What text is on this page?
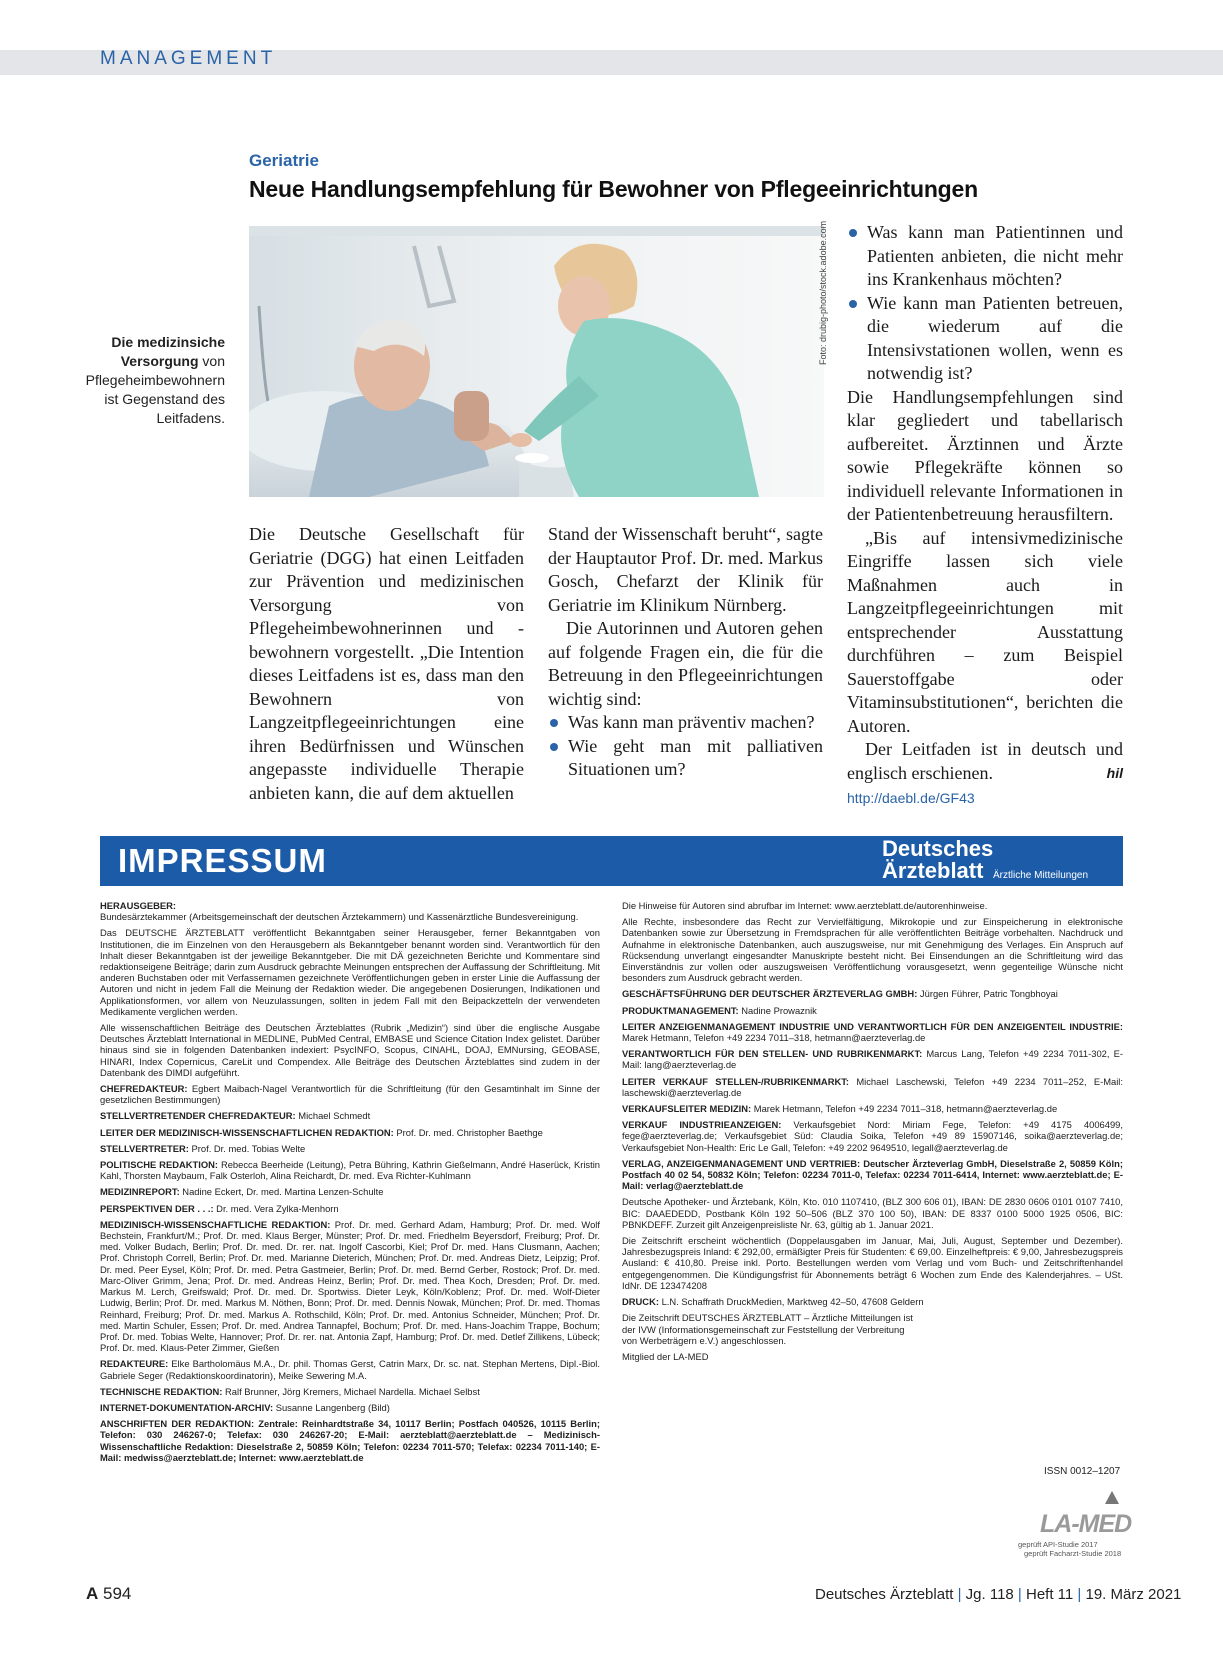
MANAGEMENT
Geriatrie
Neue Handlungsempfehlung für Bewohner von Pflegeeinrichtungen
Foto: drubig-photo/stock.adobe.com
Die medizinsiche Versorgung von Pflegeheimbewohnern ist Gegenstand des Leitfadens.

Die Deutsche Gesellschaft für Geriatrie (DGG) hat einen Leitfaden zur Prävention und medizinischen Versorgung von Pflegeheimbewohnerinnen und -bewohnern vorgestellt. „Die Intention dieses Leitfadens ist es, dass man den Bewohnern von Langzeitpflegeeinrichtungen eine ihren Bedürfnissen und Wünschen angepasste individuelle Therapie anbieten kann, die auf dem aktuellen

Stand der Wissenschaft beruht“, sagte der Hauptautor Prof. Dr. med. Markus Gosch, Chefarzt der Klinik für Geriatrie im Klinikum Nürnberg.

Die Autorinnen und Autoren gehen auf folgende Fragen ein, die für die Betreuung in den Pflegeeinrichtungen wichtig sind:

Was kann man präventiv machen?
Wie geht man mit palliativen Situationen um?
Was kann man Patientinnen und Patienten anbieten, die nicht mehr ins Krankenhaus möchten?
Wie kann man Patienten betreuen, die wiederum auf die Intensivstationen wollen, wenn es notwendig ist?

Die Handlungsempfehlungen sind klar gegliedert und tabellarisch aufbereitet. Ärztinnen und Ärzte sowie Pflegekräfte können so individuell relevante Informationen in der Patientenbetreuung herausfiltern.

„Bis auf intensivmedizinische Eingriffe lassen sich viele Maßnahmen auch in Langzeitpflegeeinrichtungen mit entsprechender Ausstattung durchführen – zum Beispiel Sauerstoffgabe oder Vitaminsubstitutionen“, berichten die Autoren.

Der Leitfaden ist in deutsch und englisch erschienen.	hil

http://daebl.de/GF43
IMPRESSUM	Deutsches
Ärzteblatt Ärztliche Mitteilungen

HERAUSGEBER:
Bundesärztekammer (Arbeitsgemeinschaft der deutschen Ärztekammern) und Kassenärztliche Bundesvereinigung.

Das DEUTSCHE ÄRZTEBLATT veröffentlicht Bekanntgaben seiner Herausgeber, ferner Bekanntgaben von Institutionen, die im Einzelnen von den Herausgebern als Bekanntgeber benannt worden sind. Verantwortlich für den Inhalt dieser Bekanntgaben ist der jeweilige Bekanntgeber. Die mit DÄ gezeichneten Berichte und Kommentare sind redaktionseigene Beiträge; darin zum Ausdruck gebrachte Meinungen entsprechen der Auffassung der Schriftleitung. Mit anderen Buchstaben oder mit Verfassernamen gezeichnete Veröffentlichungen geben in erster Linie die Auffassung der Autoren und nicht in jedem Fall die Meinung der Redaktion wieder. Die angegebenen Dosierungen, Indikationen und Applikationsformen, vor allem von Neuzulassungen, sollten in jedem Fall mit den Beipackzetteln der verwendeten Medikamente verglichen werden.

Alle wissenschaftlichen Beiträge des Deutschen Ärzteblattes (Rubrik „Medizin“) sind über die englische Ausgabe Deutsches Ärzteblatt International in MEDLINE, PubMed Central, EMBASE und Science Citation Index gelistet. Darüber hinaus sind sie in folgenden Datenbanken indexiert: PsycINFO, Scopus, CINAHL, DOAJ, EMNursing, GEOBASE, HINARI, Index Copernicus, CareLit und Compendex. Alle Beiträge des Deutschen Ärzteblattes sind zudem in der Datenbank des DIMDI aufgeführt.

CHEFREDAKTEUR: Egbert Maibach-Nagel Verantwortlich für die Schriftleitung (für den Gesamtinhalt im Sinne der gesetzlichen Bestimmungen)

STELLVERTRETENDER CHEFREDAKTEUR: Michael Schmedt

LEITER DER MEDIZINISCH-WISSENSCHAFTLICHEN REDAKTION: Prof. Dr. med. Christopher Baethge

STELLVERTRETER: Prof. Dr. med. Tobias Welte

POLITISCHE REDAKTION: Rebecca Beerheide (Leitung), Petra Bühring, Kathrin Gießelmann, André Haserück, Kristin Kahl, Thorsten Maybaum, Falk Osterloh, Alina Reichardt, Dr. med. Eva Richter-Kuhlmann

MEDIZINREPORT: Nadine Eckert, Dr. med. Martina Lenzen-Schulte

PERSPEKTIVEN DER . . .: Dr. med. Vera Zylka-Menhorn

MEDIZINISCH-WISSENSCHAFTLICHE REDAKTION: Prof. Dr. med. Gerhard Adam, Hamburg; Prof. Dr. med. Wolf Bechstein, Frankfurt/M.; Prof. Dr. med. Klaus Berger, Münster; Prof. Dr. med. Friedhelm Beyersdorf, Freiburg; Prof. Dr. med. Volker Budach, Berlin; Prof. Dr. med. Dr. rer. nat. Ingolf Cascorbi, Kiel; Prof Dr. med. Hans Clusmann, Aachen; Prof. Christoph Correll, Berlin; Prof. Dr. med. Marianne Dieterich, München; Prof. Dr. med. Andreas Dietz, Leipzig; Prof. Dr. med. Peer Eysel, Köln; Prof. Dr. med. Petra Gastmeier, Berlin; Prof. Dr. med. Bernd Gerber, Rostock; Prof. Dr. med. Marc-Oliver Grimm, Jena; Prof. Dr. med. Andreas Heinz, Berlin; Prof. Dr. med. Thea Koch, Dresden; Prof. Dr. med. Markus M. Lerch, Greifswald; Prof. Dr. med. Dr. Sportwiss. Dieter Leyk, Köln/Koblenz; Prof. Dr. med. Wolf-Dieter Ludwig, Berlin; Prof. Dr. med. Markus M. Nöthen, Bonn; Prof. Dr. med. Dennis Nowak, München; Prof. Dr. med. Thomas Reinhard, Freiburg; Prof. Dr. med. Markus A. Rothschild, Köln; Prof. Dr. med. Antonius Schneider, München; Prof. Dr. med. Martin Schuler, Essen; Prof. Dr. med. Andrea Tannapfel, Bochum; Prof. Dr. med. Hans-Joachim Trappe, Bochum; Prof. Dr. med. Tobias Welte, Hannover; Prof. Dr. rer. nat. Antonia Zapf, Hamburg; Prof. Dr. med. Detlef Zillikens, Lübeck; Prof. Dr. med. Klaus-Peter Zimmer, Gießen

REDAKTEURE: Elke Bartholomäus M.A., Dr. phil. Thomas Gerst, Catrin Marx, Dr. sc. nat. Stephan Mertens, Dipl.-Biol. Gabriele Seger (Redaktionskoordinatorin), Meike Sewering M.A.

TECHNISCHE REDAKTION: Ralf Brunner, Jörg Kremers, Michael Nardella. Michael Selbst

INTERNET-DOKUMENTATION-ARCHIV: Susanne Langenberg (Bild)

ANSCHRIFTEN DER REDAKTION: Zentrale: Reinhardtstraße 34, 10117 Berlin; Postfach 040526, 10115 Berlin; Telefon: 030 246267-0; Telefax: 030 246267-20; E-Mail: aerzteblatt@aerzteblatt.de – Medizinisch-Wissenschaftliche Redaktion: Dieselstraße 2, 50859 Köln; Telefon: 02234 7011-570; Telefax: 02234 7011-140; E-Mail: medwiss@aerzteblatt.de; Internet: www.aerzteblatt.de

Die Hinweise für Autoren sind abrufbar im Internet: www.aerzteblatt.de/autorenhinweise.

Alle Rechte, insbesondere das Recht zur Vervielfältigung, Mikrokopie und zur Einspeicherung in elektronische Datenbanken sowie zur Übersetzung in Fremdsprachen für alle veröffentlichten Beiträge vorbehalten. Nachdruck und Aufnahme in elektronische Datenbanken, auch auszugsweise, nur mit Genehmigung des Verlages. Ein Anspruch auf Rücksendung unverlangt eingesandter Manuskripte besteht nicht. Bei Einsendungen an die Schriftleitung wird das Einverständnis zur vollen oder auszugsweisen Veröffentlichung vorausgesetzt, wenn gegenteilige Wünsche nicht besonders zum Ausdruck gebracht werden.

GESCHÄFTSFÜHRUNG DER DEUTSCHER ÄRZTEVERLAG GMBH: Jürgen Führer, Patric Tongbhoyai

PRODUKTMANAGEMENT: Nadine Prowaznik

LEITER ANZEIGENMANAGEMENT INDUSTRIE UND VERANTWORTLICH FÜR DEN ANZEIGENTEIL INDUSTRIE: Marek Hetmann, Telefon +49 2234 7011–318, hetmann@aerzteverlag.de

VERANTWORTLICH FÜR DEN STELLEN- UND RUBRIKENMARKT: Marcus Lang, Telefon +49 2234 7011-302, E-Mail: lang@aerzteverlag.de

LEITER VERKAUF STELLEN-/RUBRIKENMARKT: Michael Laschewski, Telefon +49 2234 7011–252, E-Mail: laschewski@aerzteverlag.de

VERKAUFSLEITER MEDIZIN: Marek Hetmann, Telefon +49 2234 7011–318, hetmann@aerzteverlag.de

VERKAUF INDUSTRIEANZEIGEN: Verkaufsgebiet Nord: Miriam Fege, Telefon: +49 4175 4006499, fege@aerzteverlag.de; Verkaufsgebiet Süd: Claudia Soika, Telefon +49 89 15907146, soika@aerzteverlag.de; Verkaufsgebiet Non-Health: Eric Le Gall, Telefon: +49 2202 9649510, legall@aerzteverlag.de

VERLAG, ANZEIGENMANAGEMENT UND VERTRIEB: Deutscher Ärzteverlag GmbH, Dieselstraße 2, 50859 Köln; Postfach 40 02 54, 50832 Köln; Telefon: 02234 7011-0, Telefax: 02234 7011-6414, Internet: www.aerzteblatt.de; E-Mail: verlag@aerzteblatt.de

Deutsche Apotheker- und Ärztebank, Köln, Kto. 010 1107410, (BLZ 300 606 01), IBAN: DE 2830 0606 0101 0107 7410, BIC: DAAEDEDD, Postbank Köln 192 50–506 (BLZ 370 100 50), IBAN: DE 8337 0100 5000 1925 0506, BIC: PBNKDEFF. Zurzeit gilt Anzeigenpreisliste Nr. 63, gültig ab 1. Januar 2021.

Die Zeitschrift erscheint wöchentlich (Doppelausgaben im Januar, Mai, Juli, August, September und Dezember). Jahresbezugspreis Inland: € 292,00, ermäßigter Preis für Studenten: € 69,00. Einzelheftpreis: € 9,00, Jahresbezugspreis Ausland: € 410,80. Preise inkl. Porto. Bestellungen werden vom Verlag und vom Buch- und Zeitschriftenhandel entgegengenommen. Die Kündigungsfrist für Abonnements beträgt 6 Wochen zum Ende des Kalenderjahres. – USt. IdNr. DE 123474208

DRUCK: L.N. Schaffrath DruckMedien, Marktweg 42–50, 47608 Geldern

Die Zeitschrift DEUTSCHES ÄRZTEBLATT – Ärztliche Mitteilungen ist der IVW (Informationsgemeinschaft zur Feststellung der Verbreitung von Werbeträgern e.V.) angeschlossen.

Mitglied der LA-MED

ISSN 0012–1207
LA-MED
geprüft API-Studie 2017
geprüft Facharzt-Studie 2018
A 594	Deutsches Ärzteblatt | Jg. 118 | Heft 11 | 19. März 2021
